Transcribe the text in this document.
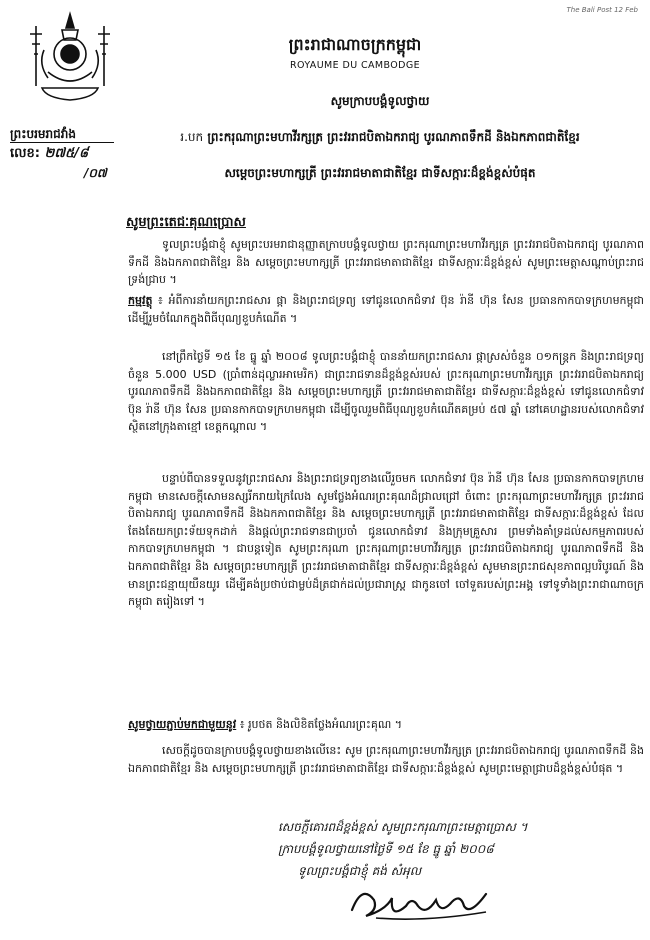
The Bali Post 12 Feb
ព្រះរាជាណាចក្រកម្ពុជា
ROYAUME DU CAMBODGE
ព្រះបរមរាជវាំង
លេខ: ២៧៥/៨
/០៧
សូមក្រាបបង្គំទូលថ្វាយ
រ.បក ព្រះករុណាព្រះមហាវីរក្សត្រ ព្រះវររាជបិតាឯករាជ្យ បូរណភាពទឹកដី និងឯកភាពជាតិខ្មែរ
សម្តេចព្រះមហាក្សត្រី ព្រះវររាជមាតាជាតិខ្មែរ ជាទីសក្ការៈដ៏ខ្ពង់ខ្ពស់បំផុត
សូមព្រះតេជៈគុណប្រោស
ទូលព្រះបង្គំជាខ្ញុំ សូមព្រះបរមរាជានុញ្ញាតក្រាបបង្គំទូលថ្វាយ ព្រះករុណាព្រះមហាវីរក្សត្រ ព្រះវររាជបិតាឯករាជ្យ បូរណភាពទឹកដី និងឯកភាពជាតិខ្មែរ និង សម្តេចព្រះមហាក្សត្រី ព្រះវររាជមាតាជាតិខ្មែរ ជាទីសក្ការៈដ៏ខ្ពង់ខ្ពស់ សូមព្រះមេត្តាសណ្តាប់ព្រះរាជទ្រង់ជ្រាប ។
កម្មវត្ថុ ៖ អំពីការនាំយកព្រះរាជសារ ផ្កា និងព្រះរាជទ្រព្យ ទៅជូនលោកជំទាវ ប៊ុន រ៉ានី ហ៊ុន សែន ប្រធានកាកបាទក្រហមកម្ពុជា ដើម្បីរួមចំណែកក្នុងពិធីបុណ្យខួបកំណើត ។
នៅព្រឹកថ្ងៃទី ១៥ ខែ ធ្នូ ឆ្នាំ ២០០៨ ទូលព្រះបង្គំជាខ្ញុំ បាននាំយកព្រះរាជសារ ផ្កាស្រស់ចំនួន ០១កន្ត្រក និងព្រះរាជទ្រព្យ ចំនួន 5.000 USD (ប្រាំពាន់ដុល្លារអាមេរិក) ជាព្រះរាជទានដ៏ខ្ពង់ខ្ពស់របស់ ព្រះករុណាព្រះមហាវីរក្សត្រ ព្រះវររាជបិតាឯករាជ្យ បូរណភាពទឹកដី និងឯកភាពជាតិខ្មែរ និង សម្តេចព្រះមហាក្សត្រី ព្រះវររាជមាតាជាតិខ្មែរ ជាទីសក្ការៈដ៏ខ្ពង់ខ្ពស់ ទៅជូនលោកជំទាវ ប៊ុន រ៉ានី ហ៊ុន សែន ប្រធានកាកបាទក្រហមកម្ពុជា ដើម្បីចូលរួមពិធីបុណ្យខួបកំណើតគម្រប់ ៥៧ ឆ្នាំ នៅគេហដ្ឋានរបស់លោកជំទាវ ស្ថិតនៅក្រុងតាខ្មៅ ខេត្តកណ្តាល ។
បន្ទាប់ពីបានទទួលនូវព្រះរាជសារ និងព្រះរាជទ្រព្យខាងលើរួចមក លោកជំទាវ ប៊ុន រ៉ានី ហ៊ុន សែន ប្រធានកាកបាទក្រហមកម្ពុជា មានសេចក្តីសោមនស្សរីករាយក្រៃលែង សូមថ្លែងអំណរព្រះគុណដ៏ជ្រាលជ្រៅ ចំពោះ ព្រះករុណាព្រះមហាវីរក្សត្រ ព្រះវររាជបិតាឯករាជ្យ បូរណភាពទឹកដី និងឯកភាពជាតិខ្មែរ និង សម្តេចព្រះមហាក្សត្រី ព្រះវររាជមាតាជាតិខ្មែរ ជាទីសក្ការៈដ៏ខ្ពង់ខ្ពស់ ដែលតែងតែយកព្រះទ័យទុកដាក់ និងផ្តល់ព្រះរាជទានជាប្រចាំ ជូនលោកជំទាវ និងក្រុមគ្រួសារ ព្រមទាំងគាំទ្រដល់សកម្មភាពរបស់កាកបាទក្រហមកម្ពុជា ។ ជាបន្តទៀត សូមព្រះករុណា ព្រះករុណាព្រះមហាវីរក្សត្រ ព្រះវររាជបិតាឯករាជ្យ បូរណភាពទឹកដី និងឯកភាពជាតិខ្មែរ និង សម្តេចព្រះមហាក្សត្រី ព្រះវររាជមាតាជាតិខ្មែរ ជាទីសក្ការៈដ៏ខ្ពង់ខ្ពស់ សូមមានព្រះរាជសុខភាពល្អបរិបូរណ៍ និងមានព្រះជន្មាយុយឺនយូរ ដើម្បីគង់ប្រថាប់ជាម្លប់ដ៏ត្រជាក់ដល់ប្រជារាស្ត្រ ជាកូនចៅ ចៅទួតរបស់ព្រះអង្គ ទៅទូទាំងព្រះរាជាណាចក្រកម្ពុជា តរៀងទៅ ។
សូមថ្វាយភ្ជាប់មកជាមួយនូវ ៖ រូបថត និងលិខិតថ្លែងអំណរព្រះគុណ ។
សេចក្តីដូចបានក្រាបបង្គំទូលថ្វាយខាងលើនេះ សូម ព្រះករុណាព្រះមហាវីរក្សត្រ ព្រះវររាជបិតាឯករាជ្យ បូរណភាពទឹកដី និងឯកភាពជាតិខ្មែរ និង សម្តេចព្រះមហាក្សត្រី ព្រះវររាជមាតាជាតិខ្មែរ ជាទីសក្ការៈដ៏ខ្ពង់ខ្ពស់ សូមព្រះមេត្តាជ្រាបដ៏ខ្ពង់ខ្ពស់បំផុត ។
សេចក្តីគោរពដ៏ខ្ពង់ខ្ពស់ សូមព្រះករុណាព្រះមេត្តាប្រោស ។
ក្រាបបង្គំទូលថ្វាយនៅថ្ងៃទី ១៥ ខែ ធ្នូ ឆ្នាំ ២០០៨
ទូលព្រះបង្គំជាខ្ញុំ គង់ សំអុល
